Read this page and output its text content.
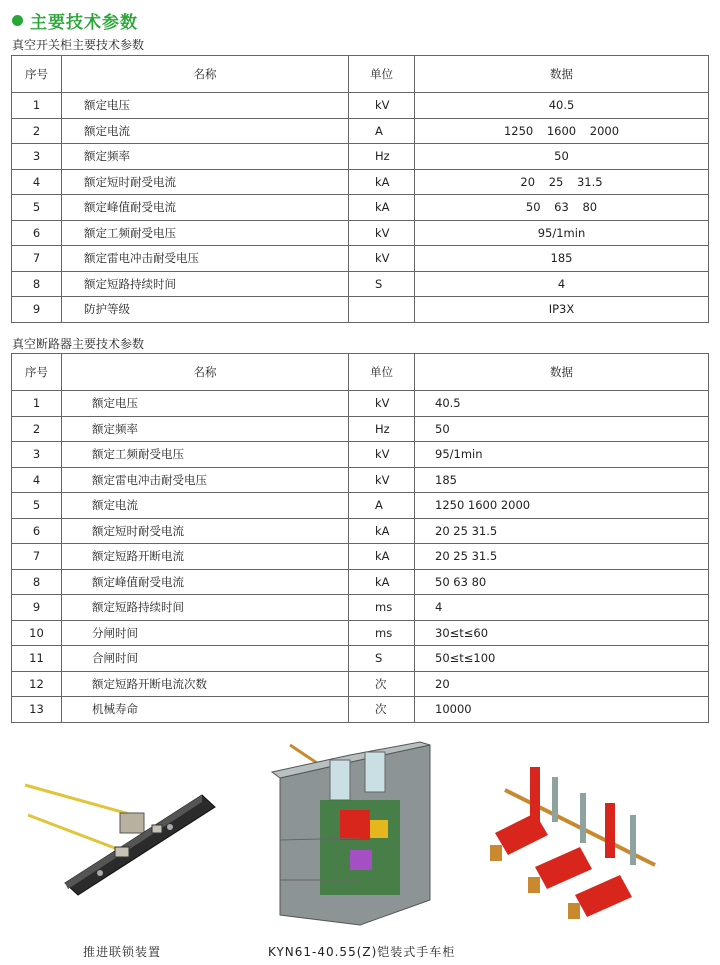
主要技术参数
真空开关柜主要技术参数
序号	名称	单位	数据
1	额定电压	kV	40.5
2	额定电流	A	1250 1600 2000
3	额定频率	Hz	50
4	额定短时耐受电流	kA	20 25 31.5
5	额定峰值耐受电流	kA	50 63 80
6	额定工频耐受电压	kV	95/1min
7	额定雷电冲击耐受电压	kV	185
8	额定短路持续时间	S	4
9	防护等级		IP3X
真空断路器主要技术参数
序号	名称	单位	数据
1	额定电压	kV	40.5
2	额定频率	Hz	50
3	额定工频耐受电压	kV	95/1min
4	额定雷电冲击耐受电压	kV	185
5	额定电流	A	1250 1600 2000
6	额定短时耐受电流	kA	20 25 31.5
7	额定短路开断电流	kA	20 25 31.5
8	额定峰值耐受电流	kA	50 63 80
9	额定短路持续时间	ms	4
10	分闸时间	ms	30≤t≤60
11	合闸时间	S	50≤t≤100
12	额定短路开断电流次数	次	20
13	机械寿命	次	10000
推进联锁装置	KYN61-40.55(Z)铠装式手车柜
